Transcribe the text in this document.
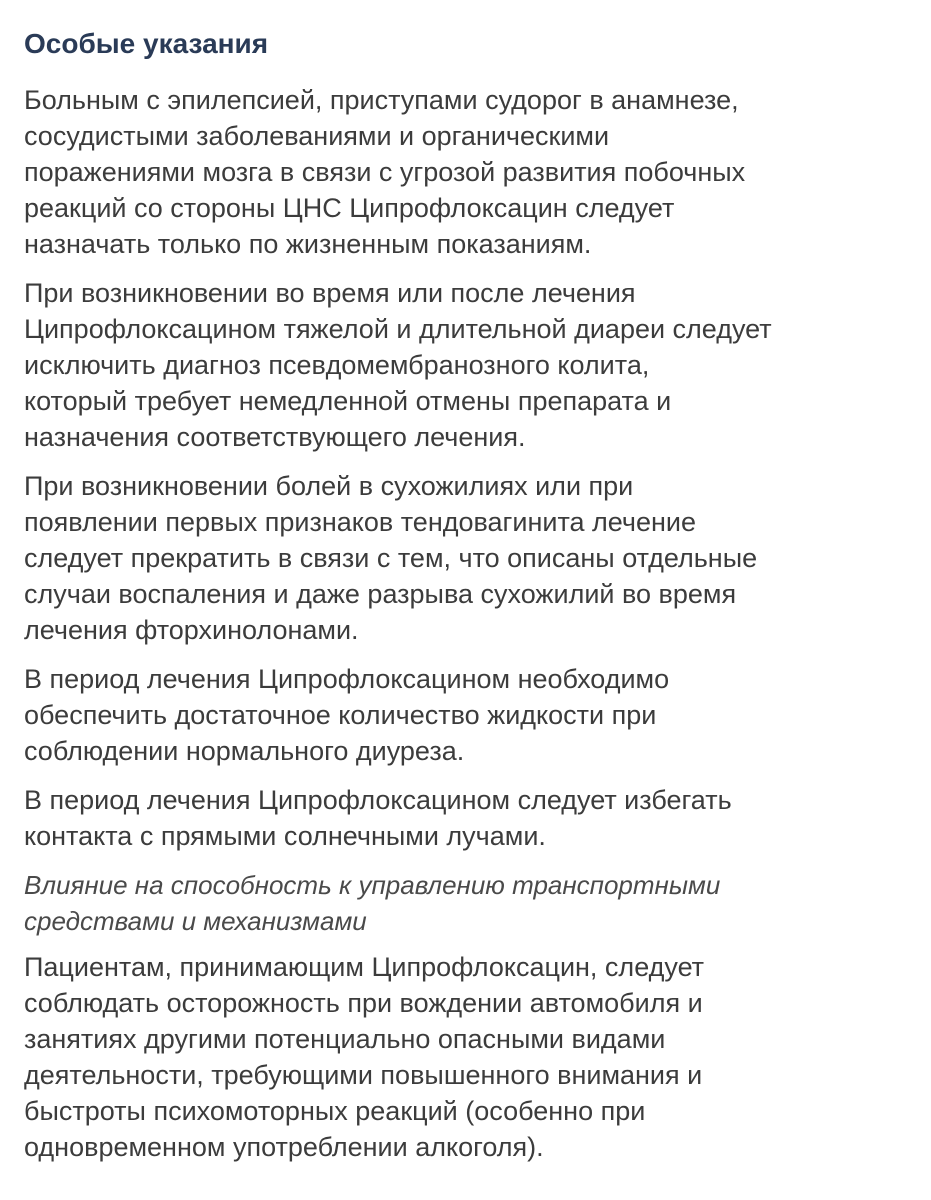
Особые указания

Больным с эпилепсией, приступами судорог в анамнезе,
сосудистыми заболеваниями и органическими
поражениями мозга в связи с угрозой развития побочных
реакций со стороны ЦНС Ципрофлоксацин следует
назначать только по жизненным показаниям.

При возникновении во время или после лечения
Ципрофлоксацином тяжелой и длительной диареи следует
исключить диагноз псевдомембранозного колита,
который требует немедленной отмены препарата и
назначения соответствующего лечения.

При возникновении болей в сухожилиях или при
появлении первых признаков тендовагинита лечение
следует прекратить в связи с тем, что описаны отдельные
случаи воспаления и даже разрыва сухожилий во время
лечения фторхинолонами.

В период лечения Ципрофлоксацином необходимо
обеспечить достаточное количество жидкости при
соблюдении нормального диуреза.

В период лечения Ципрофлоксацином следует избегать
контакта с прямыми солнечными лучами.

Влияние на способность к управлению транспортными
средствами и механизмами

Пациентам, принимающим Ципрофлоксацин, следует
соблюдать осторожность при вождении автомобиля и
занятиях другими потенциально опасными видами
деятельности, требующими повышенного внимания и
быстроты психомоторных реакций (особенно при
одновременном употреблении алкоголя).
